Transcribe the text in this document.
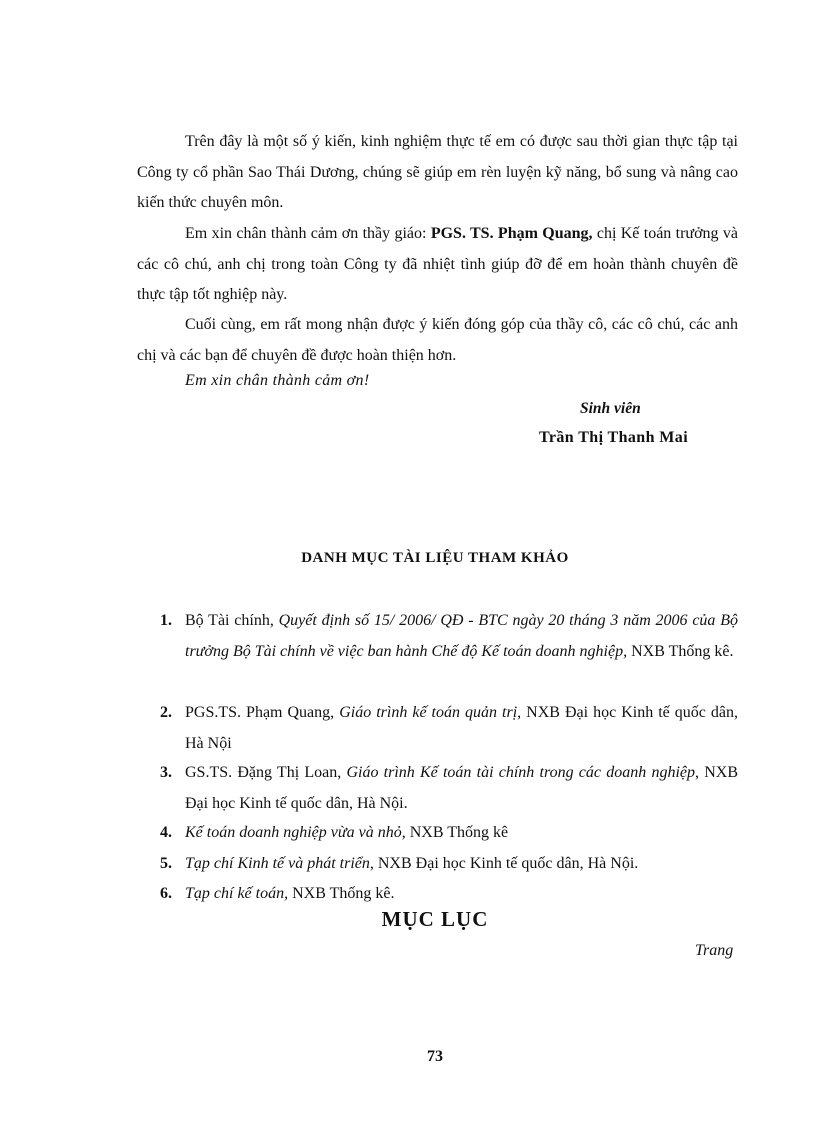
Trên đây là một số ý kiến, kinh nghiệm thực tế em có được sau thời gian thực tập tại Công ty cổ phần Sao Thái Dương, chúng sẽ giúp em rèn luyện kỹ năng, bổ sung và nâng cao kiến thức chuyên môn.

Em xin chân thành cảm ơn thầy giáo: PGS. TS. Phạm Quang, chị Kế toán trưởng và các cô chú, anh chị trong toàn Công ty đã nhiệt tình giúp đỡ để em hoàn thành chuyên đề thực tập tốt nghiệp này.

Cuối cùng, em rất mong nhận được ý kiến đóng góp của thầy cô, các cô chú, các anh chị và các bạn để chuyên đề được hoàn thiện hơn.

Em xin chân thành cảm ơn!

Sinh viên

Trần Thị Thanh Mai

DANH MỤC TÀI LIỆU THAM KHẢO

1. Bộ Tài chính, Quyết định số 15/ 2006/ QĐ - BTC ngày 20 tháng 3 năm 2006 của Bộ trưởng Bộ Tài chính về việc ban hành Chế độ Kế toán doanh nghiệp, NXB Thống kê.

2. PGS.TS. Phạm Quang, Giáo trình kế toán quản trị, NXB Đại học Kinh tế quốc dân, Hà Nội

3. GS.TS. Đặng Thị Loan, Giáo trình Kế toán tài chính trong các doanh nghiệp, NXB Đại học Kinh tế quốc dân, Hà Nội.

4. Kế toán doanh nghiệp vừa và nhỏ, NXB Thống kê

5. Tạp chí Kinh tế và phát triển, NXB Đại học Kinh tế quốc dân, Hà Nội.

6. Tạp chí kế toán, NXB Thống kê.

MỤC LỤC

Trang

73
